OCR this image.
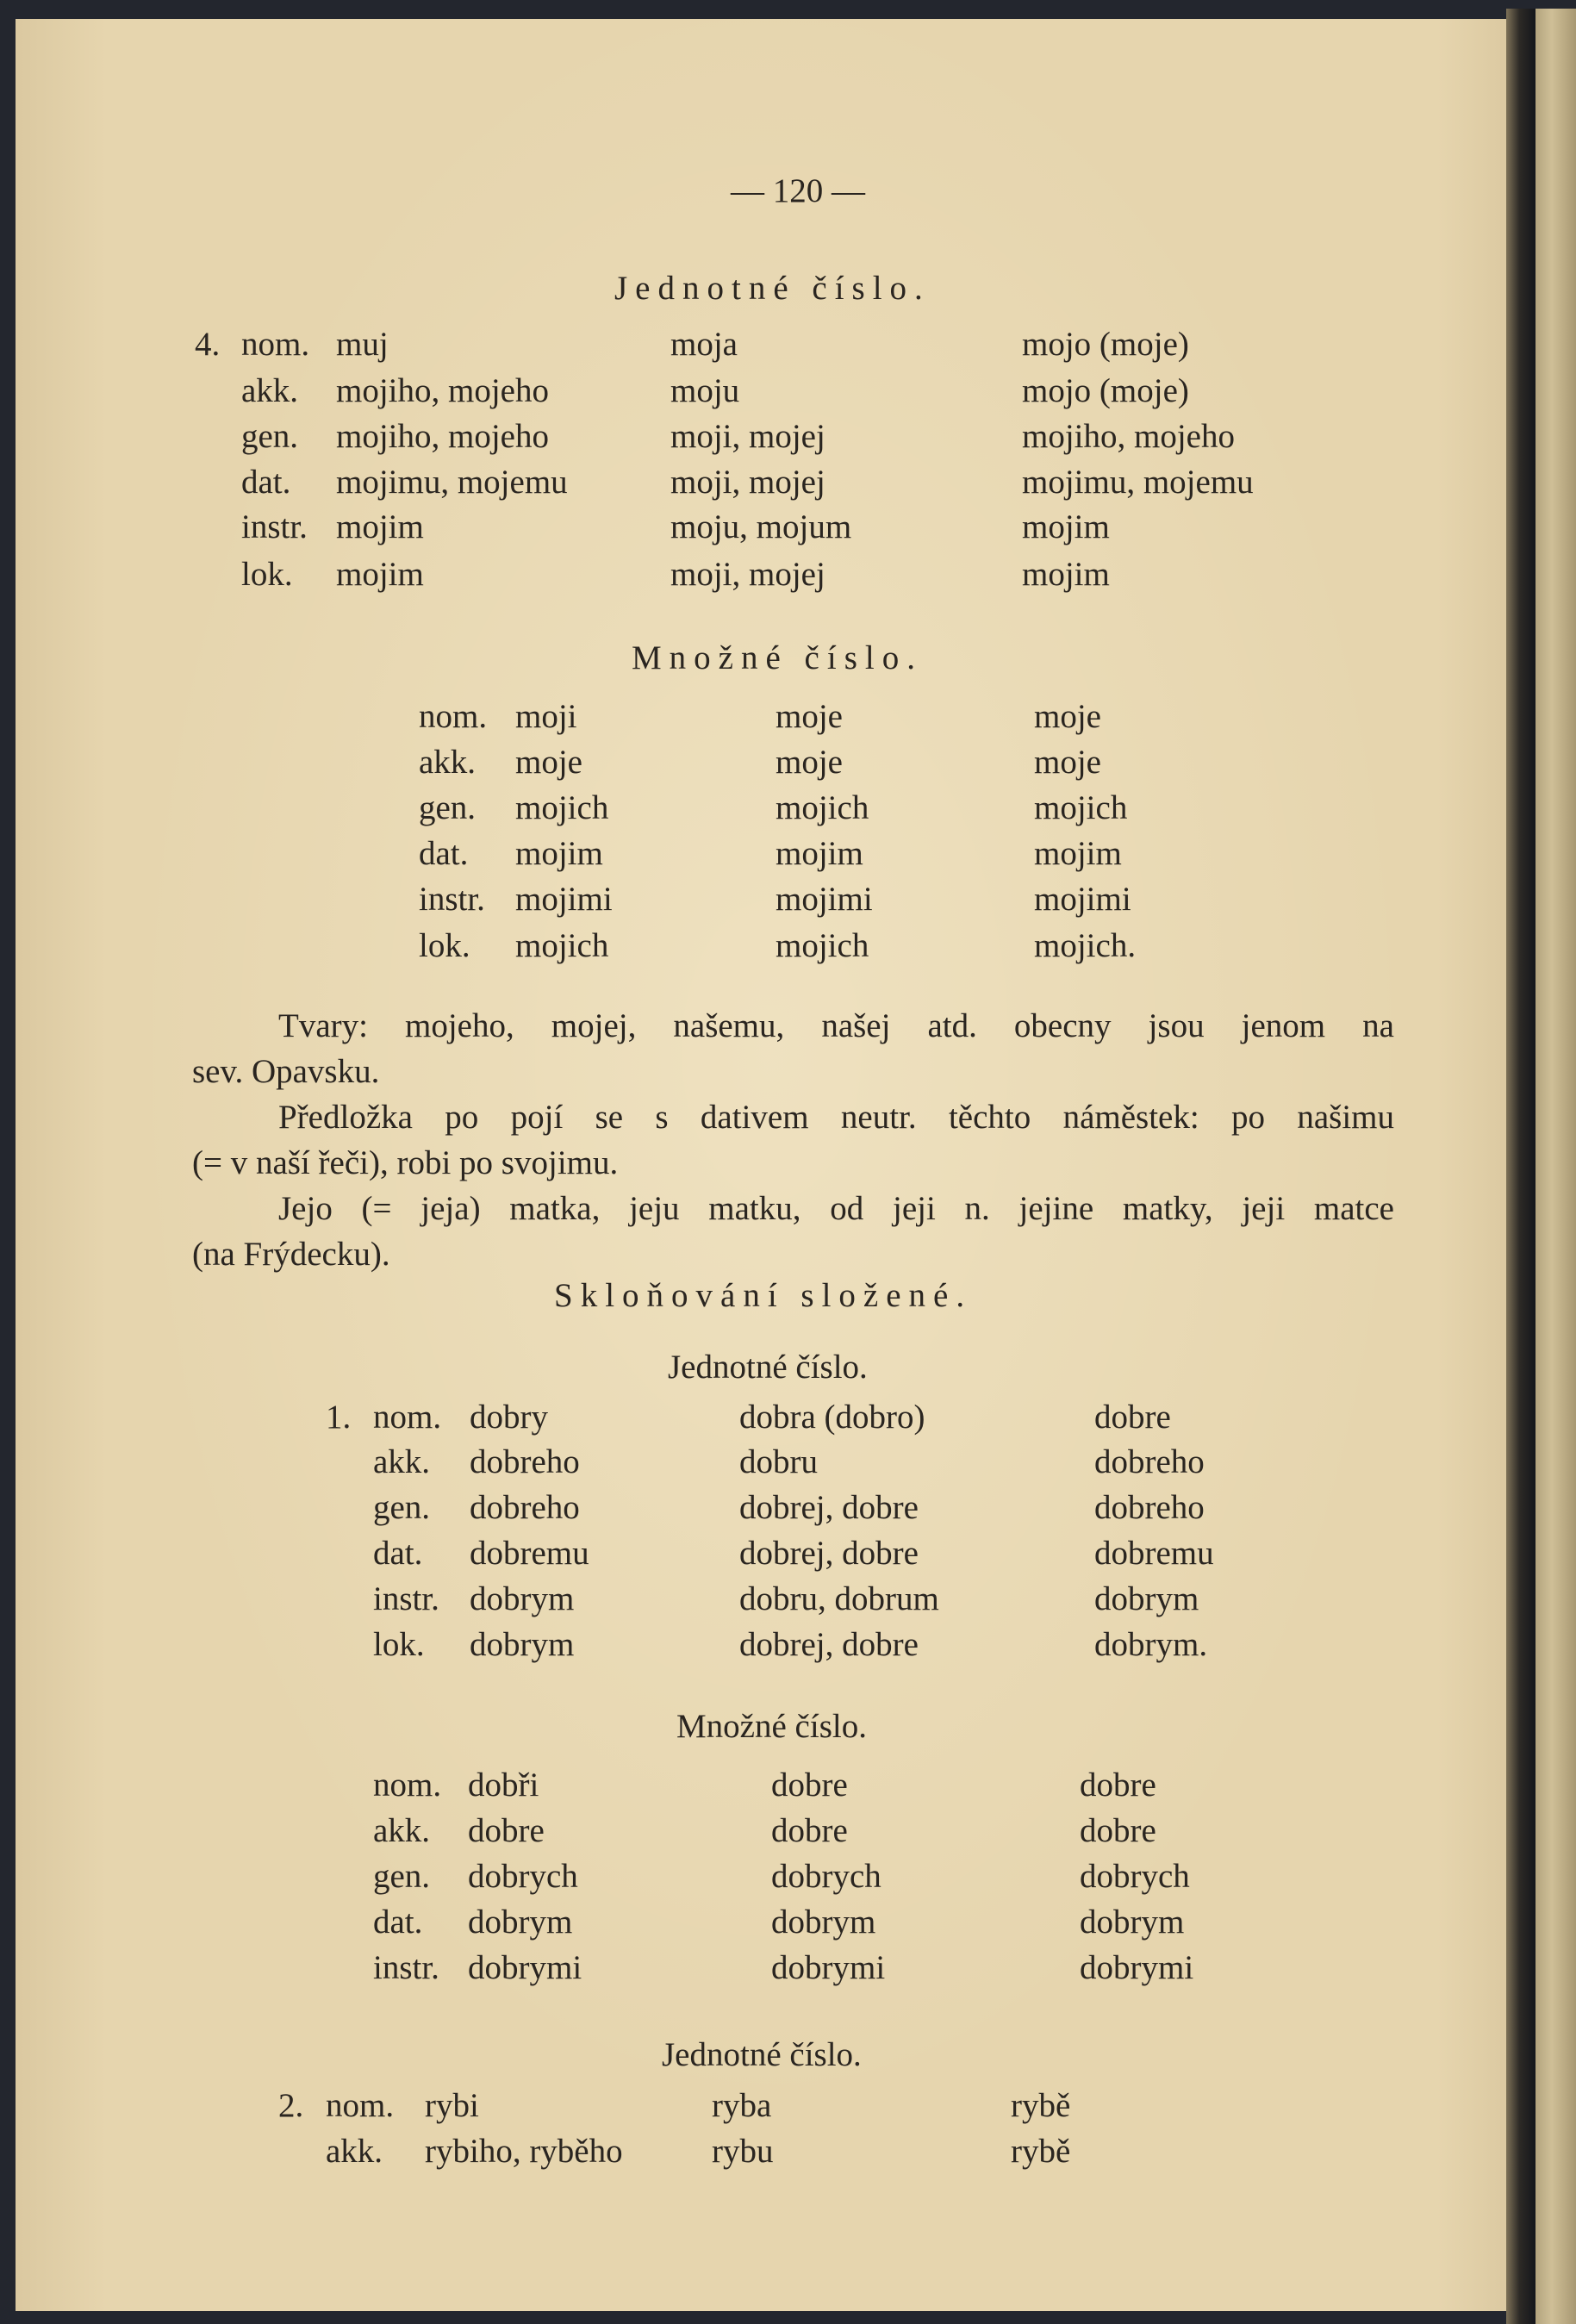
— 120 —
Jednotné číslo.
4. nom. muj	moja	mojo (moje)
akk. mojiho, mojeho	moju	mojo (moje)
gen. mojiho, mojeho	moji, mojej	mojiho, mojeho
dat. mojimu, mojemu	moji, mojej	mojimu, mojemu
instr. mojim	moju, mojum	mojim
lok. mojim	moji, mojej	mojim
Množné číslo.
nom. moji	moje	moje
akk. moje	moje	moje
gen. mojich	mojich	mojich
dat. mojim	mojim	mojim
instr. mojimi	mojimi	mojimi
lok. mojich	mojich	mojich.
Tvary: mojeho, mojej, našemu, našej atd. obecny jsou jenom na
sev. Opavsku.
Předložka po pojí se s dativem neutr. těchto náměstek: po našimu
(= v naší řeči), robi po svojimu.
Jejo (= jeja) matka, jeju matku, od jeji n. jejine matky, jeji matce
(na Frýdecku).
Skloňování složené.
Jednotné číslo.
1. nom. dobry	dobra (dobro)	dobre
akk. dobreho	dobru	dobreho
gen. dobreho	dobrej, dobre	dobreho
dat. dobremu	dobrej, dobre	dobremu
instr. dobrym	dobru, dobrum	dobrym
lok. dobrym	dobrej, dobre	dobrym.
Množné číslo.
nom. dobři	dobre	dobre
akk. dobre	dobre	dobre
gen. dobrych	dobrych	dobrych
dat. dobrym	dobrym	dobrym
instr. dobrymi	dobrymi	dobrymi
Jednotné číslo.
2. nom. rybi	ryba	rybě
akk. rybiho, ryběho	rybu	rybě
